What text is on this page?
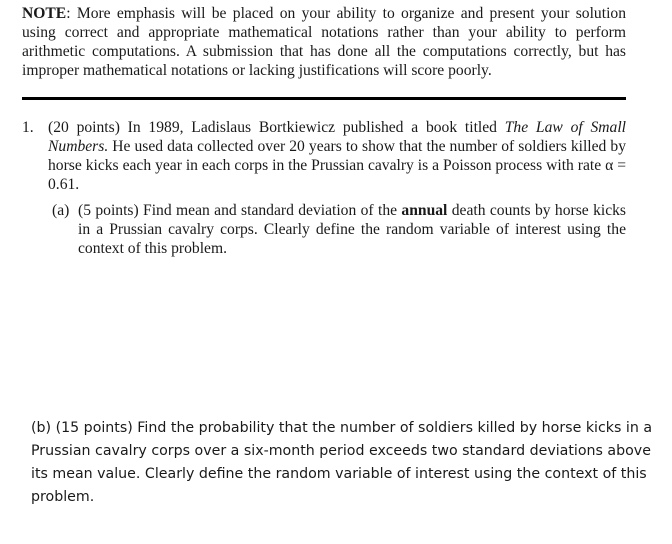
NOTE: More emphasis will be placed on your ability to organize and present your solution using correct and appropriate mathematical notations rather than your ability to perform arithmetic computations. A submission that has done all the computations correctly, but has improper mathematical notations or lacking justifications will score poorly.
1. (20 points) In 1989, Ladislaus Bortkiewicz published a book titled The Law of Small Numbers. He used data collected over 20 years to show that the number of soldiers killed by horse kicks each year in each corps in the Prussian cavalry is a Poisson process with rate α = 0.61.
(a) (5 points) Find mean and standard deviation of the annual death counts by horse kicks in a Prussian cavalry corps. Clearly define the random variable of interest using the context of this problem.
(b) (15 points) Find the probability that the number of soldiers killed by horse kicks in a Prussian cavalry corps over a six-month period exceeds two standard deviations above its mean value. Clearly define the random variable of interest using the context of this problem.
